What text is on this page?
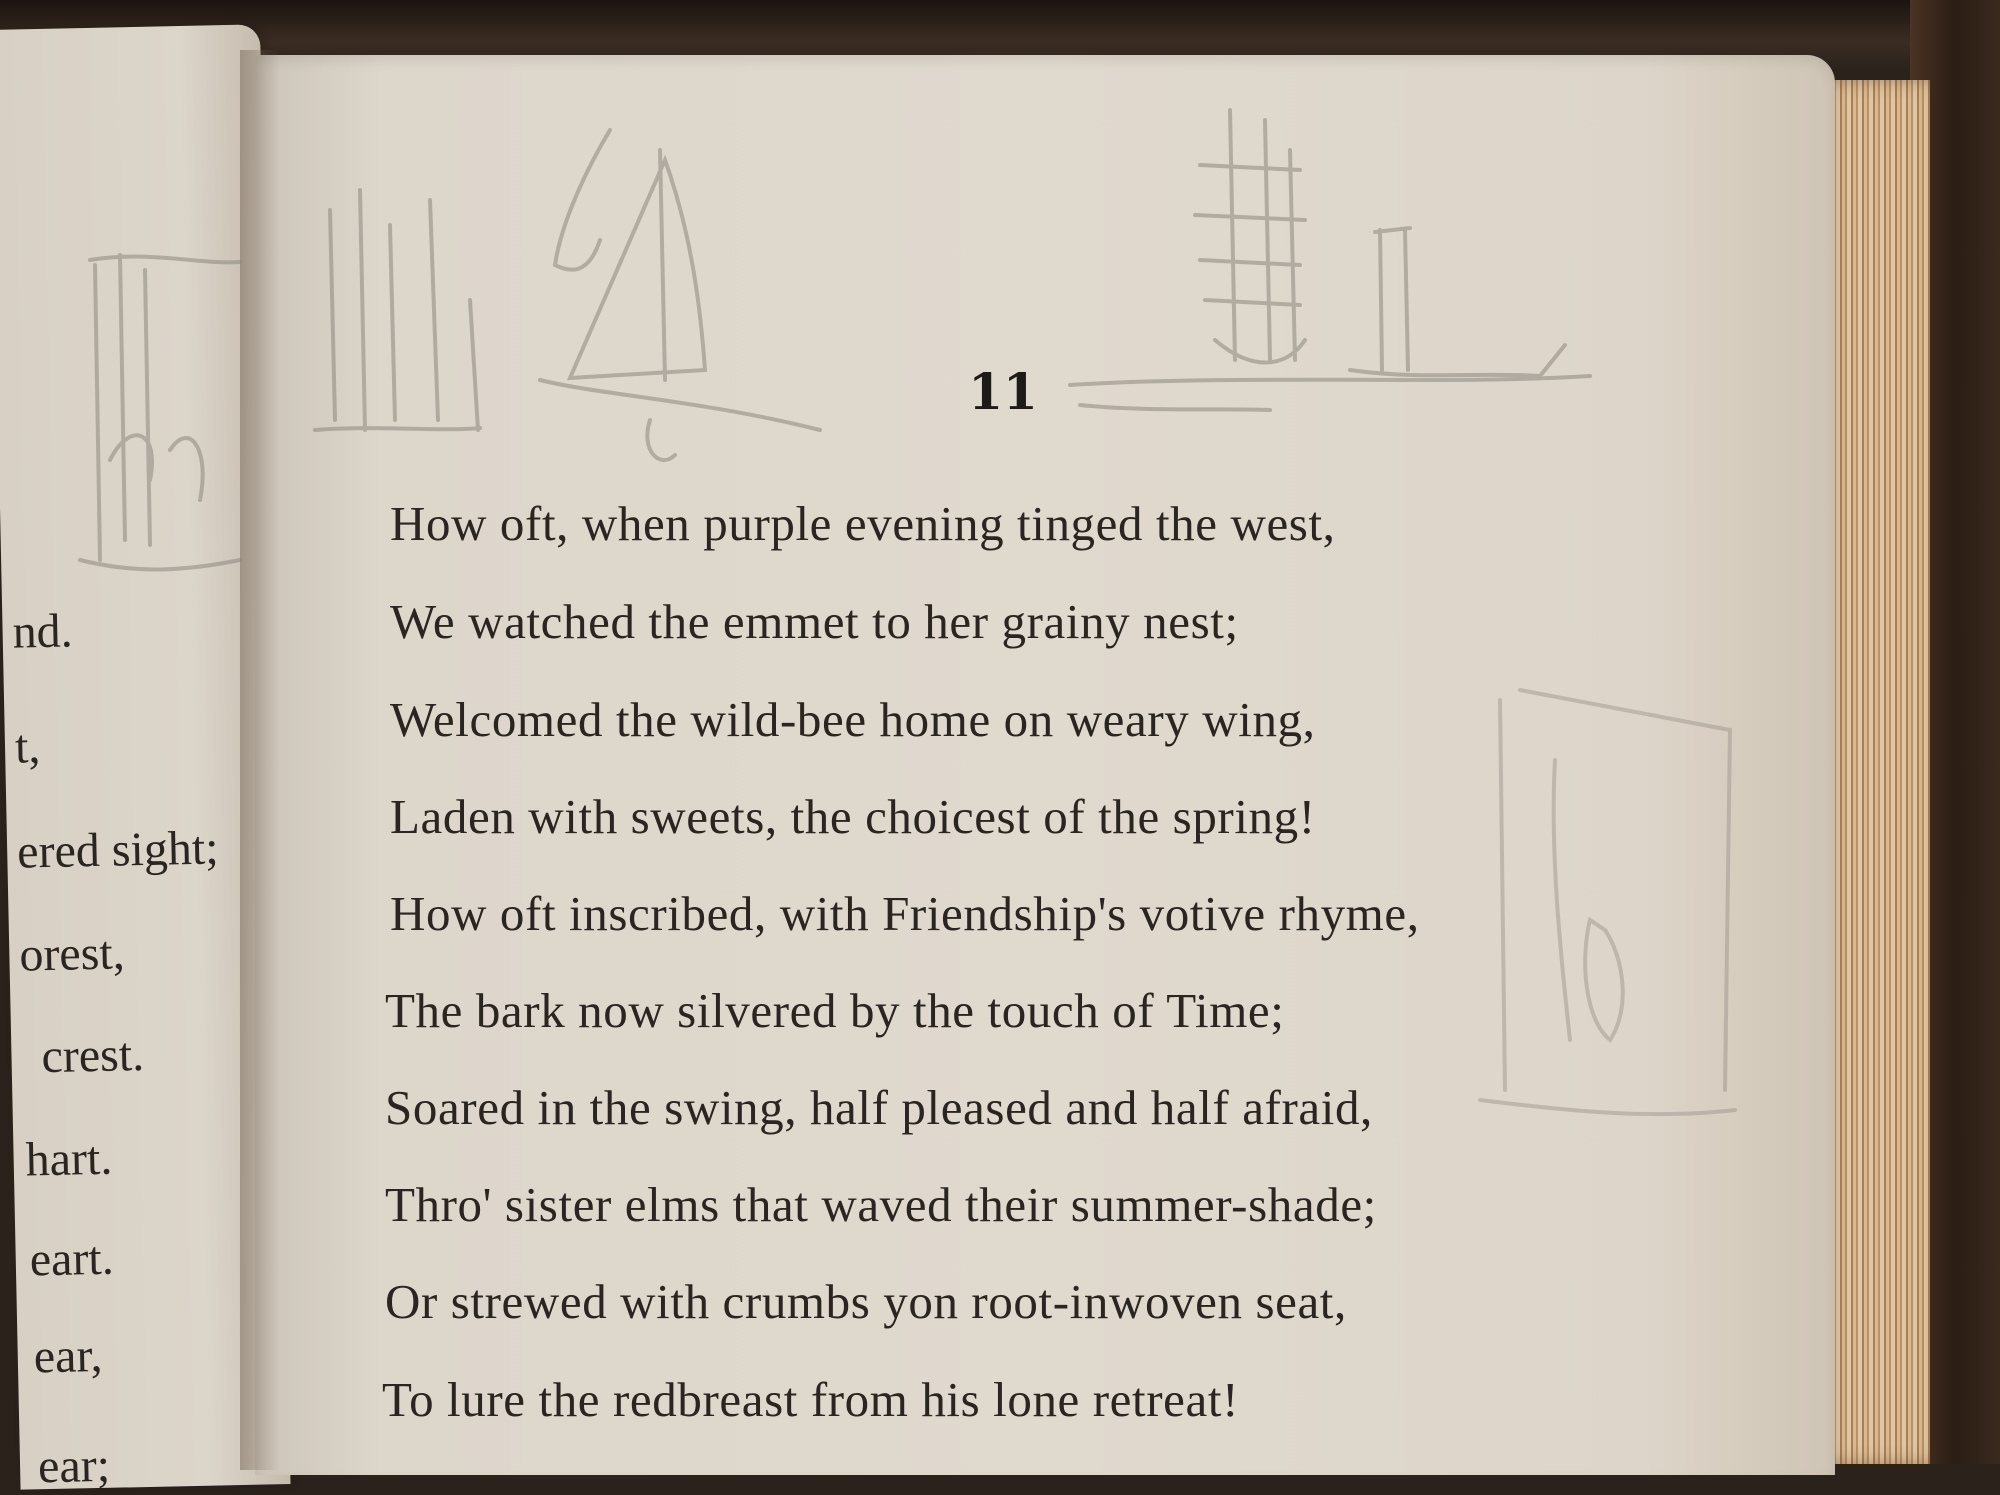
nd.
t,
ered sight;
orest,
crest.
hart.
eart.
ear,
ear;
11
How oft, when purple evening tinged the west,
We watched the emmet to her grainy nest;
Welcomed the wild-bee home on weary wing,
Laden with sweets, the choicest of the spring!
How oft inscribed, with Friendship's votive rhyme,
The bark now silvered by the touch of Time;
Soared in the swing, half pleased and half afraid,
Thro' sister elms that waved their summer-shade;
Or strewed with crumbs yon root-inwoven seat,
To lure the redbreast from his lone retreat!
